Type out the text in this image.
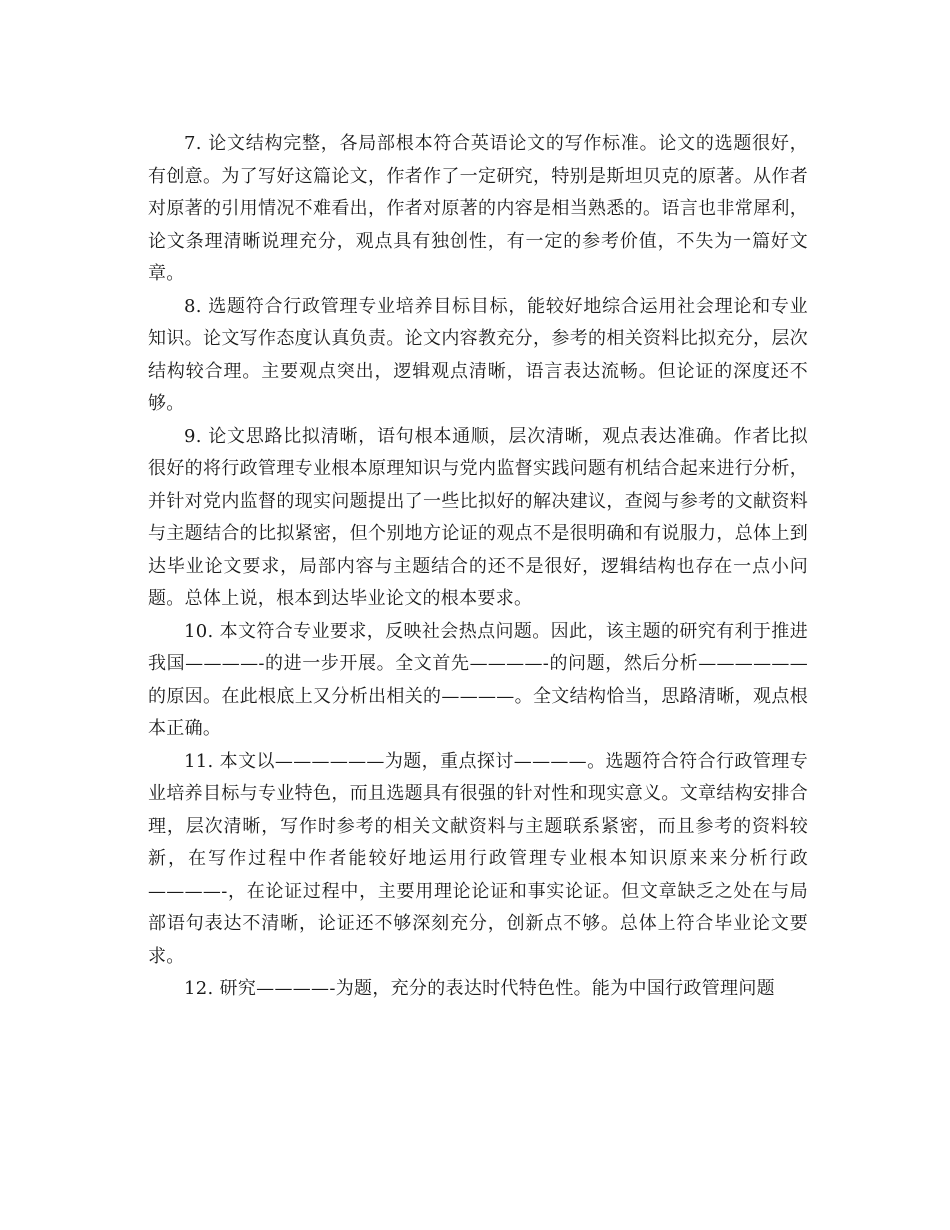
7. 论文结构完整，各局部根本符合英语论文的写作标准。论文的选题很好，有创意。为了写好这篇论文，作者作了一定研究，特别是斯坦贝克的原著。从作者对原著的引用情况不难看出，作者对原著的内容是相当熟悉的。语言也非常犀利，论文条理清晰说理充分，观点具有独创性，有一定的参考价值，不失为一篇好文章。

8. 选题符合行政管理专业培养目标目标，能较好地综合运用社会理论和专业知识。论文写作态度认真负责。论文内容教充分，参考的相关资料比拟充分，层次结构较合理。主要观点突出，逻辑观点清晰，语言表达流畅。但论证的深度还不够。

9. 论文思路比拟清晰，语句根本通顺，层次清晰，观点表达准确。作者比拟很好的将行政管理专业根本原理知识与党内监督实践问题有机结合起来进行分析，并针对党内监督的现实问题提出了一些比拟好的解决建议，查阅与参考的文献资料与主题结合的比拟紧密，但个别地方论证的观点不是很明确和有说服力，总体上到达毕业论文要求，局部内容与主题结合的还不是很好，逻辑结构也存在一点小问题。总体上说，根本到达毕业论文的根本要求。

10. 本文符合专业要求，反映社会热点问题。因此，该主题的研究有利于推进我国————-的进一步开展。全文首先————-的问题，然后分析——————的原因。在此根底上又分析出相关的————。全文结构恰当，思路清晰，观点根本正确。

11. 本文以——————为题，重点探讨————。选题符合符合行政管理专业培养目标与专业特色，而且选题具有很强的针对性和现实意义。文章结构安排合理，层次清晰，写作时参考的相关文献资料与主题联系紧密，而且参考的资料较新，在写作过程中作者能较好地运用行政管理专业根本知识原来来分析行政————-，在论证过程中，主要用理论论证和事实论证。但文章缺乏之处在与局部语句表达不清晰，论证还不够深刻充分，创新点不够。总体上符合毕业论文要求。

12. 研究————-为题，充分的表达时代特色性。能为中国行政管理问题
